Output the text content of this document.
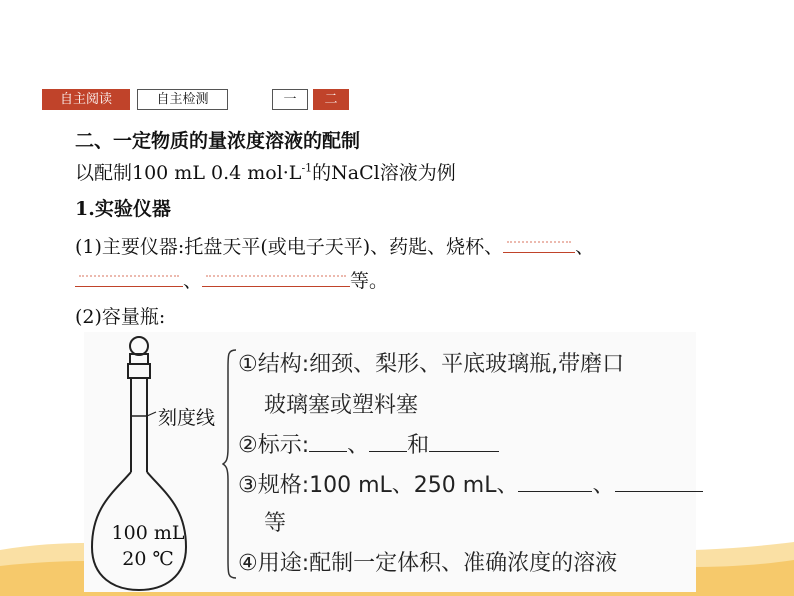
自主阅读	自主检测	一	二
二、一定物质的量浓度溶液的配制
以配制100 mL 0.4 $mol\cdot L^{-1}$的NaCl溶液为例
1.实验仪器
(1)主要仪器:托盘天平(或电子天平)、药匙、烧杯、	、
、	等。
(2)容量瓶:
刻度线
100 mL
20 ℃
①结构:细颈、梨形、平底玻璃瓶,带磨口
玻璃塞或塑料塞
②标示: 、 和
③规格:100 mL、250 mL、	、
等
④用途:配制一定体积、准确浓度的溶液
